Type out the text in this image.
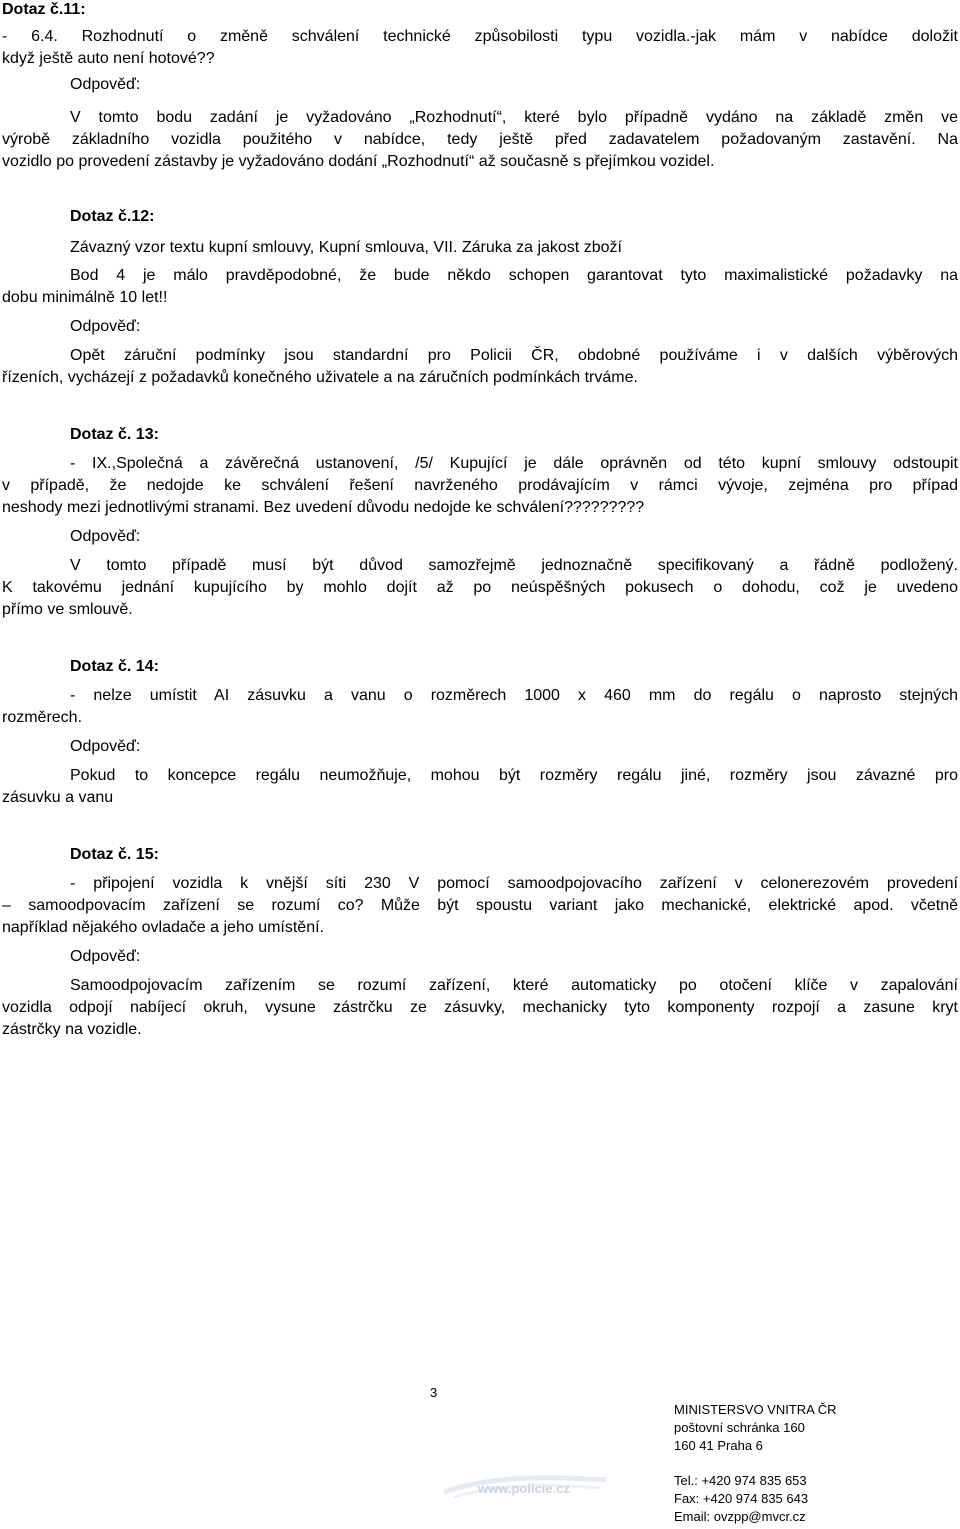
Dotaz č.11:
- 6.4. Rozhodnutí o změně schválení technické způsobilosti typu vozidla.-jak mám v nabídce doložit
když ještě auto není hotové??
Odpověď:
V tomto bodu zadání je vyžadováno „Rozhodnutí“, které bylo případně vydáno na základě změn ve
výrobě základního vozidla použitého v nabídce, tedy ještě před zadavatelem požadovaným zastavění. Na
vozidlo po provedení zástavby je vyžadováno dodání „Rozhodnutí“ až současně s přejímkou vozidel.
Dotaz č.12:
Závazný vzor textu kupní smlouvy, Kupní smlouva, VII. Záruka za jakost zboží
Bod 4 je málo pravděpodobné, že bude někdo schopen garantovat tyto maximalistické požadavky na
dobu minimálně 10 let!!
Odpověď:
Opět záruční podmínky jsou standardní pro Policii ČR, obdobné používáme i v dalších výběrových
řízeních, vycházejí z požadavků konečného uživatele a na záručních podmínkách trváme.
Dotaz č. 13:
- IX.,Společná a závěrečná ustanovení, /5/ Kupující je dále oprávněn od této kupní smlouvy odstoupit
v případě, že nedojde ke schválení řešení navrženého prodávajícím v rámci vývoje, zejména pro případ
neshody mezi jednotlivými stranami. Bez uvedení důvodu nedojde ke schválení?????????
Odpověď:
V tomto případě musí být důvod samozřejmě jednoznačně specifikovaný a řádně podložený.
K takovému jednání kupujícího by mohlo dojít až po neúspěšných pokusech o dohodu, což je uvedeno
přímo ve smlouvě.
Dotaz č. 14:
- nelze umístit AI zásuvku a vanu o rozměrech 1000 x 460 mm do regálu o naprosto stejných
rozměrech.
Odpověď:
Pokud to koncepce regálu neumožňuje, mohou být rozměry regálu jiné, rozměry jsou závazné pro
zásuvku a vanu
Dotaz č. 15:
- připojení vozidla k vnější síti 230 V pomocí samoodpojovacího zařízení v celonerezovém provedení
– samoodpovacím zařízení se rozumí co? Může být spoustu variant jako mechanické, elektrické apod. včetně
například nějakého ovladače a jeho umístění.
Odpověď:
Samoodpojovacím zařízením se rozumí zařízení, které automaticky po otočení klíče v zapalování
vozidla odpojí nabíjecí okruh, vysune zástrčku ze zásuvky, mechanicky tyto komponenty rozpojí a zasune kryt
zástrčky na vozidle.
3
www.policie.cz
MINISTERSVO VNITRA ČR
poštovní schránka 160
160 41 Praha 6
Tel.: +420 974 835 653
Fax: +420 974 835 643
Email: ovzpp@mvcr.cz
